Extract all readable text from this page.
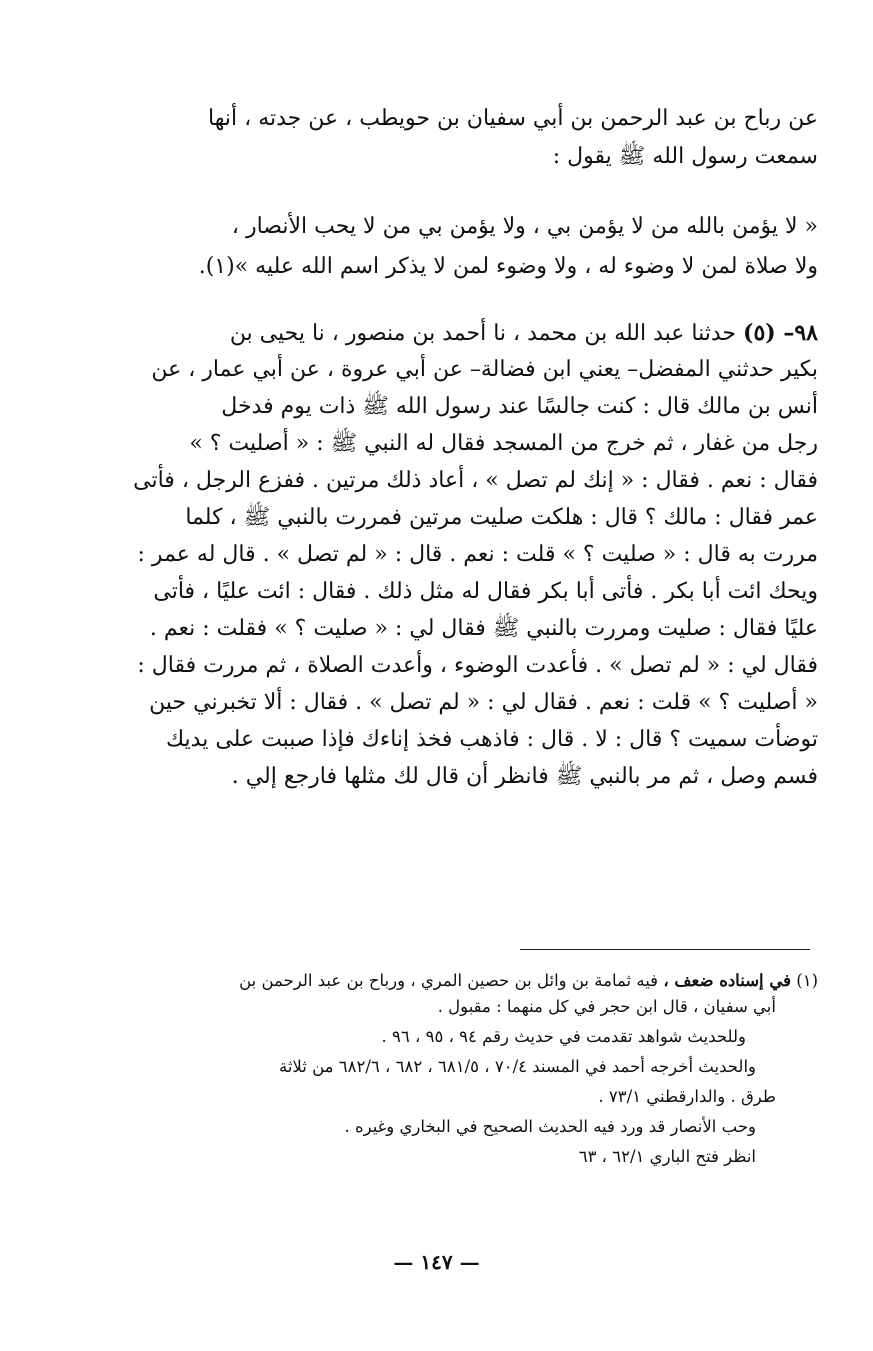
عن رباح بن عبد الرحمن بن أبي سفيان بن حويطب ، عن جدته ، أنها
سمعت رسول الله ﷺ يقول :
« لا يؤمن بالله من لا يؤمن بي ، ولا يؤمن بي من لا يحب الأنصار ،
ولا صلاة لمن لا وضوء له ، ولا وضوء لمن لا يذكر اسم الله عليه »(١).
٩٨– (٥) حدثنا عبد الله بن محمد ، نا أحمد بن منصور ، نا يحيى بن
بكير حدثني المفضل– يعني ابن فضالة– عن أبي عروة ، عن أبي عمار ، عن
أنس بن مالك قال : كنت جالسًا عند رسول الله ﷺ ذات يوم فدخل
رجل من غفار ، ثم خرج من المسجد فقال له النبي ﷺ : « أصليت ؟ »
فقال : نعم . فقال : « إنك لم تصل » ، أعاد ذلك مرتين . ففزع الرجل ، فأتى
عمر فقال : مالك ؟ قال : هلكت صليت مرتين فمررت بالنبي ﷺ ، كلما
مررت به قال : « صليت ؟ » قلت : نعم . قال : « لم تصل » . قال له عمر :
ويحك ائت أبا بكر . فأتى أبا بكر فقال له مثل ذلك . فقال : ائت عليًا ، فأتى
عليًا فقال : صليت ومررت بالنبي ﷺ فقال لي : « صليت ؟ » فقلت : نعم .
فقال لي : « لم تصل » . فأعدت الوضوء ، وأعدت الصلاة ، ثم مررت فقال :
« أصليت ؟ » قلت : نعم . فقال لي : « لم تصل » . فقال : ألا تخبرني حين
توضأت سميت ؟ قال : لا . قال : فاذهب فخذ إناءك فإذا صببت على يديك
فسم وصل ، ثم مر بالنبي ﷺ فانظر أن قال لك مثلها فارجع إلي .
(١) في إسناده ضعف ، فيه ثمامة بن وائل بن حصين المري ، ورباح بن عبد الرحمن بن
أبي سفيان ، قال ابن حجر في كل منهما : مقبول .
وللحديث شواهد تقدمت في حديث رقم ٩٤ ، ٩٥ ، ٩٦ .
والحديث أخرجه أحمد في المسند ٧٠/٤ ، ٦٨١/٥ ، ٦٨٢ ، ٦٨٢/٦ من ثلاثة
طرق . والدارقطني ٧٣/١ .
وحب الأنصار قد ورد فيه الحديث الصحيح في البخاري وغيره .
انظر فتح الباري ٦٢/١ ، ٦٣
— ١٤٧ —
